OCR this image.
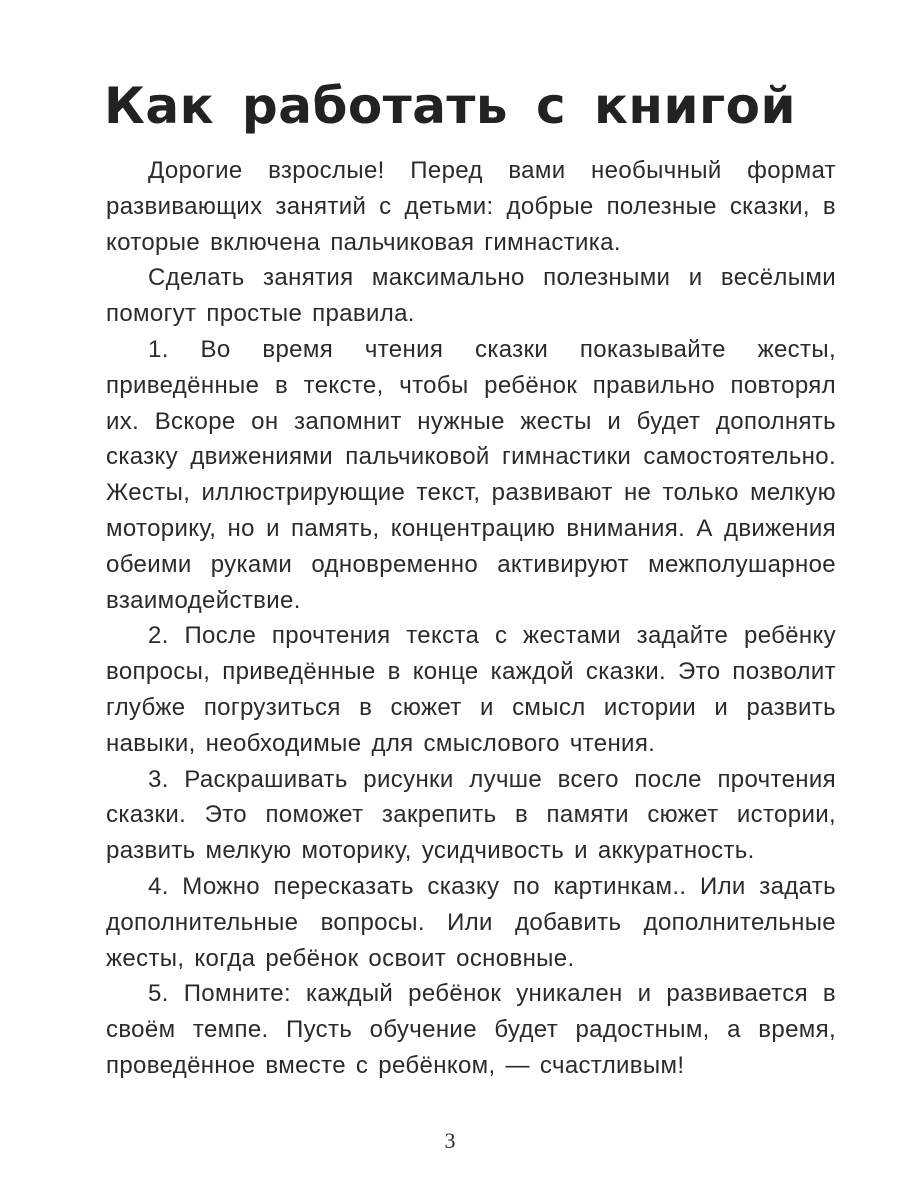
Как работать с книгой

Дорогие взрослые! Перед вами необычный формат развивающих занятий с детьми: добрые полезные сказки, в которые включена пальчиковая гимнастика.

Сделать занятия максимально полезными и весёлыми помогут простые правила.

1. Во время чтения сказки показывайте жесты, приведённые в тексте, чтобы ребёнок правильно повторял их. Вскоре он запомнит нужные жесты и будет дополнять сказку движениями пальчиковой гимнастики самостоятельно. Жесты, иллюстрирующие текст, развивают не только мелкую моторику, но и память, концентрацию внимания. А движения обеими руками одновременно активируют межполушарное взаимодействие.

2. После прочтения текста с жестами задайте ребёнку вопросы, приведённые в конце каждой сказки. Это позволит глубже погрузиться в сюжет и смысл истории и развить навыки, необходимые для смыслового чтения.

3. Раскрашивать рисунки лучше всего после прочтения сказки. Это поможет закрепить в памяти сюжет истории, развить мелкую моторику, усидчивость и аккуратность.

4. Можно пересказать сказку по картинкам.. Или задать дополнительные вопросы. Или добавить дополнительные жесты, когда ребёнок освоит основные.

5. Помните: каждый ребёнок уникален и развивается в своём темпе. Пусть обучение будет радостным, а время, проведённое вместе с ребёнком, — счастливым!

3
